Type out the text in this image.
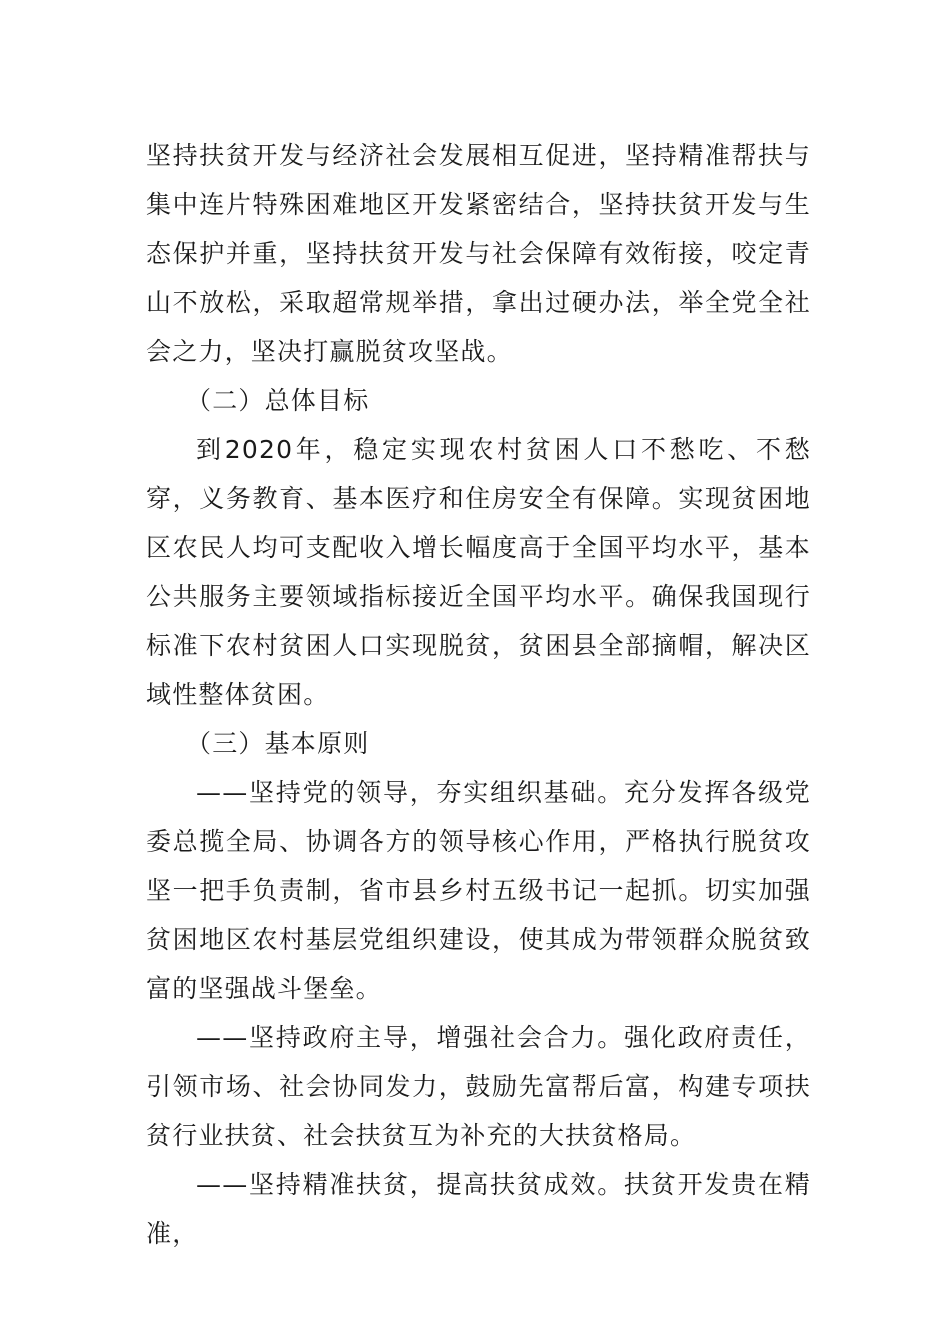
坚持扶贫开发与经济社会发展相互促进，坚持精准帮扶与集中连片特殊困难地区开发紧密结合，坚持扶贫开发与生态保护并重，坚持扶贫开发与社会保障有效衔接，咬定青山不放松，采取超常规举措，拿出过硬办法，举全党全社会之力，坚决打赢脱贫攻坚战。

（二）总体目标

到2020年，稳定实现农村贫困人口不愁吃、不愁穿，义务教育、基本医疗和住房安全有保障。实现贫困地区农民人均可支配收入增长幅度高于全国平均水平，基本公共服务主要领域指标接近全国平均水平。确保我国现行标准下农村贫困人口实现脱贫，贫困县全部摘帽，解决区域性整体贫困。

（三）基本原则

——坚持党的领导，夯实组织基础。充分发挥各级党委总揽全局、协调各方的领导核心作用，严格执行脱贫攻坚一把手负责制，省市县乡村五级书记一起抓。切实加强贫困地区农村基层党组织建设，使其成为带领群众脱贫致富的坚强战斗堡垒。

——坚持政府主导，增强社会合力。强化政府责任，引领市场、社会协同发力，鼓励先富帮后富，构建专项扶贫行业扶贫、社会扶贫互为补充的大扶贫格局。

——坚持精准扶贫，提高扶贫成效。扶贫开发贵在精准，
